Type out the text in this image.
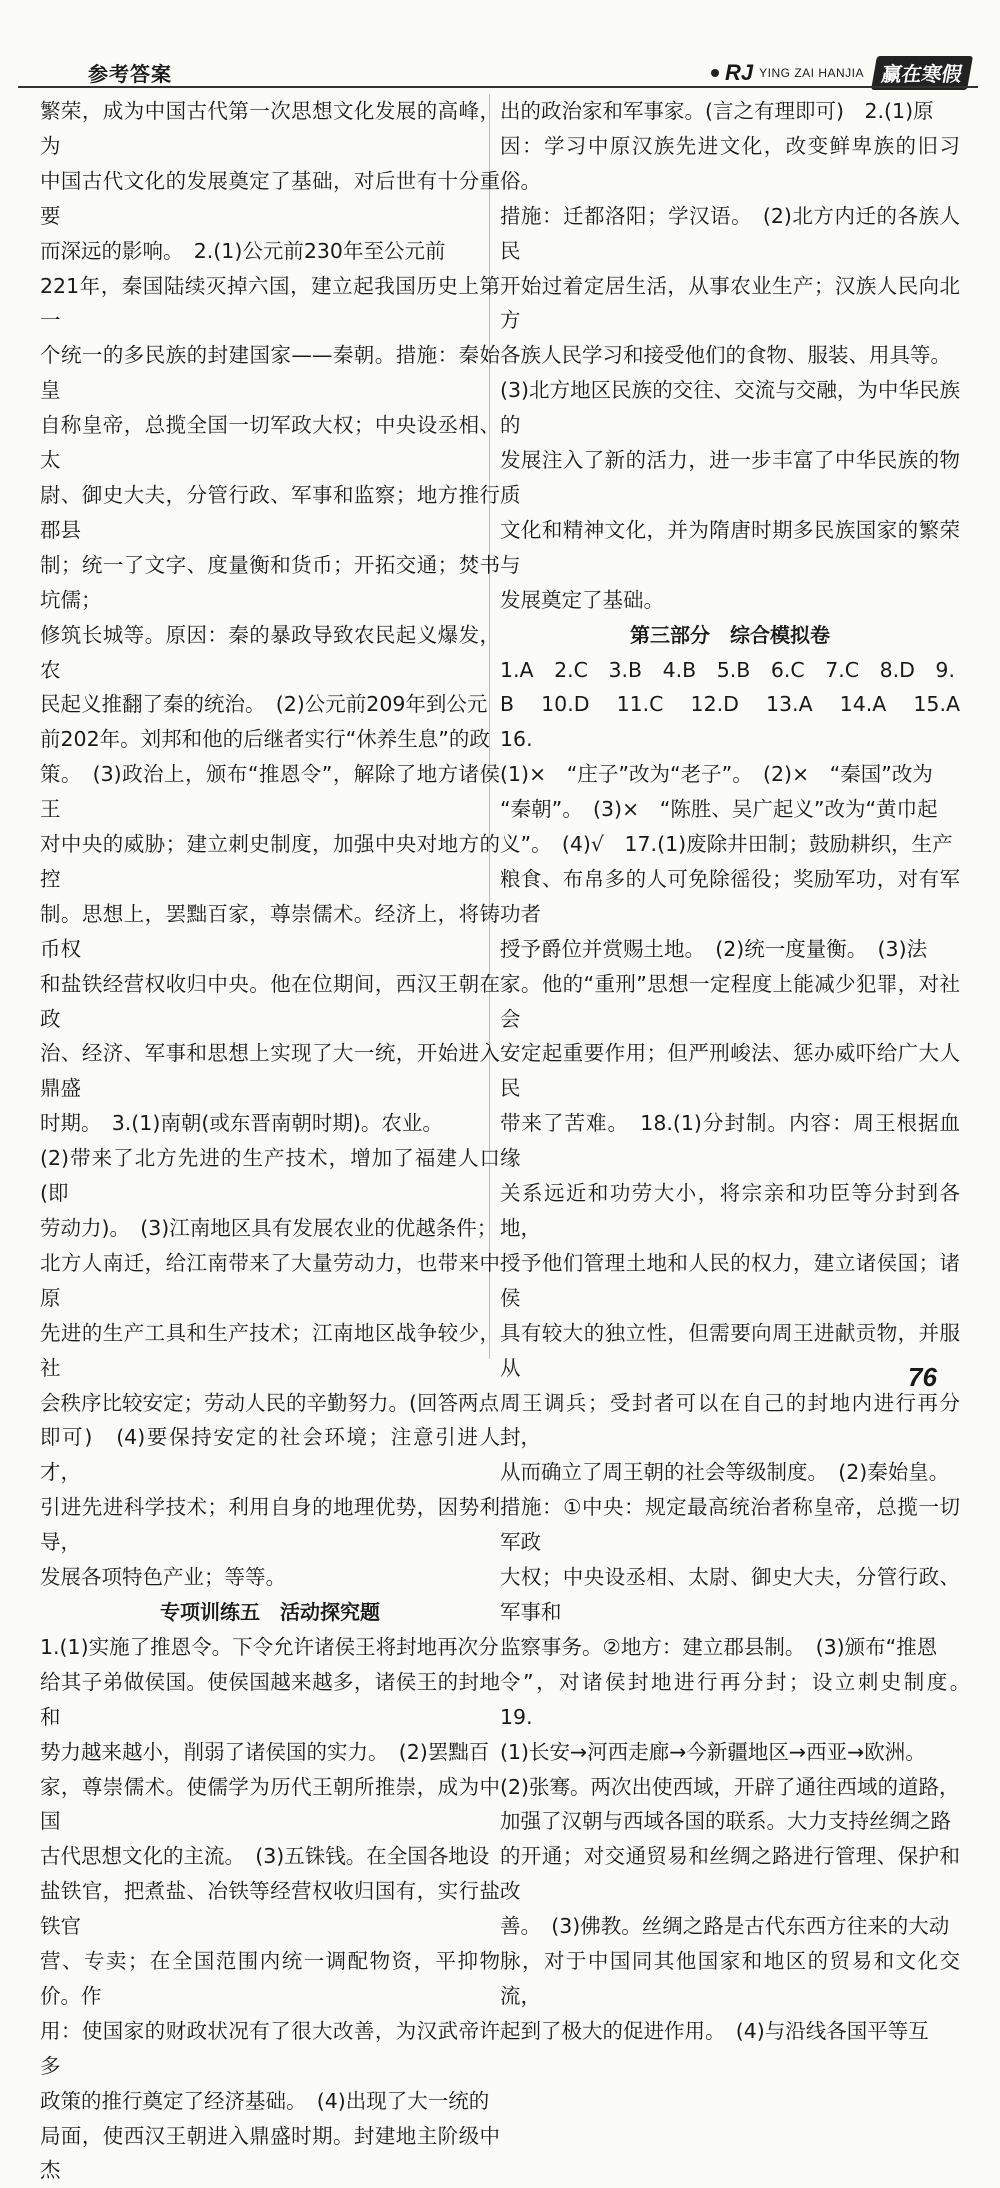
参考答案	RJ YING ZAI HANJIA 赢在寒假
繁荣，成为中国古代第一次思想文化发展的高峰，为
中国古代文化的发展奠定了基础，对后世有十分重要
而深远的影响。　2.(1)公元前230年至公元前
221年，秦国陆续灭掉六国，建立起我国历史上第一
个统一的多民族的封建国家——秦朝。措施：秦始皇
自称皇帝，总揽全国一切军政大权；中央设丞相、太
尉、御史大夫，分管行政、军事和监察；地方推行郡县
制；统一了文字、度量衡和货币；开拓交通；焚书坑儒；
修筑长城等。原因：秦的暴政导致农民起义爆发，农
民起义推翻了秦的统治。　(2)公元前209年到公元
前202年。刘邦和他的后继者实行“休养生息”的政
策。　(3)政治上，颁布“推恩令”，解除了地方诸侯王
对中央的威胁；建立刺史制度，加强中央对地方的控
制。思想上，罢黜百家，尊崇儒术。经济上，将铸币权
和盐铁经营权收归中央。他在位期间，西汉王朝在政
治、经济、军事和思想上实现了大一统，开始进入鼎盛
时期。　3.(1)南朝(或东晋南朝时期)。农业。
(2)带来了北方先进的生产技术，增加了福建人口(即
劳动力)。　(3)江南地区具有发展农业的优越条件；
北方人南迁，给江南带来了大量劳动力，也带来中原
先进的生产工具和生产技术；江南地区战争较少，社
会秩序比较安定；劳动人民的辛勤努力。(回答两点
即可)　(4)要保持安定的社会环境；注意引进人才，
引进先进科学技术；利用自身的地理优势，因势利导，
发展各项特色产业；等等。
专项训练五　活动探究题
1.(1)实施了推恩令。下令允许诸侯王将封地再次分
给其子弟做侯国。使侯国越来越多，诸侯王的封地和
势力越来越小，削弱了诸侯国的实力。　(2)罢黜百
家，尊崇儒术。使儒学为历代王朝所推崇，成为中国
古代思想文化的主流。　(3)五铢钱。在全国各地设
盐铁官，把煮盐、冶铁等经营权收归国有，实行盐铁官
营、专卖；在全国范围内统一调配物资，平抑物价。作
用：使国家的财政状况有了很大改善，为汉武帝许多
政策的推行奠定了经济基础。　(4)出现了大一统的
局面，使西汉王朝进入鼎盛时期。封建地主阶级中杰
出的政治家和军事家。(言之有理即可)　2.(1)原
因：学习中原汉族先进文化，改变鲜卑族的旧习俗。
措施：迁都洛阳；学汉语。　(2)北方内迁的各族人民
开始过着定居生活，从事农业生产；汉族人民向北方
各族人民学习和接受他们的食物、服装、用具等。
(3)北方地区民族的交往、交流与交融，为中华民族的
发展注入了新的活力，进一步丰富了中华民族的物质
文化和精神文化，并为隋唐时期多民族国家的繁荣与
发展奠定了基础。
第三部分　综合模拟卷
1.A　2.C　3.B　4.B　5.B　6.C　7.C　8.D　9.
B　10.D　11.C　12.D　13.A　14.A　15.A　16.
(1)×　“庄子”改为“老子”。　(2)×　“秦国”改为
“秦朝”。　(3)×　“陈胜、吴广起义”改为“黄巾起
义”。　(4)√　17.(1)废除井田制；鼓励耕织，生产
粮食、布帛多的人可免除徭役；奖励军功，对有军功者
授予爵位并赏赐土地。　(2)统一度量衡。　(3)法
家。他的“重刑”思想一定程度上能减少犯罪，对社会
安定起重要作用；但严刑峻法、惩办威吓给广大人民
带来了苦难。　18.(1)分封制。内容：周王根据血缘
关系远近和功劳大小，将宗亲和功臣等分封到各地，
授予他们管理土地和人民的权力，建立诸侯国；诸侯
具有较大的独立性，但需要向周王进献贡物，并服从
周王调兵；受封者可以在自己的封地内进行再分封，
从而确立了周王朝的社会等级制度。　(2)秦始皇。
措施：①中央：规定最高统治者称皇帝，总揽一切军政
大权；中央设丞相、太尉、御史大夫，分管行政、军事和
监察事务。②地方：建立郡县制。　(3)颁布“推恩
令”，对诸侯封地进行再分封；设立刺史制度。　19.
(1)长安→河西走廊→今新疆地区→西亚→欧洲。
(2)张骞。两次出使西域，开辟了通往西域的道路，
加强了汉朝与西域各国的联系。大力支持丝绸之路
的开通；对交通贸易和丝绸之路进行管理、保护和改
善。　(3)佛教。丝绸之路是古代东西方往来的大动
脉，对于中国同其他国家和地区的贸易和文化交流，
起到了极大的促进作用。　(4)与沿线各国平等互
76
